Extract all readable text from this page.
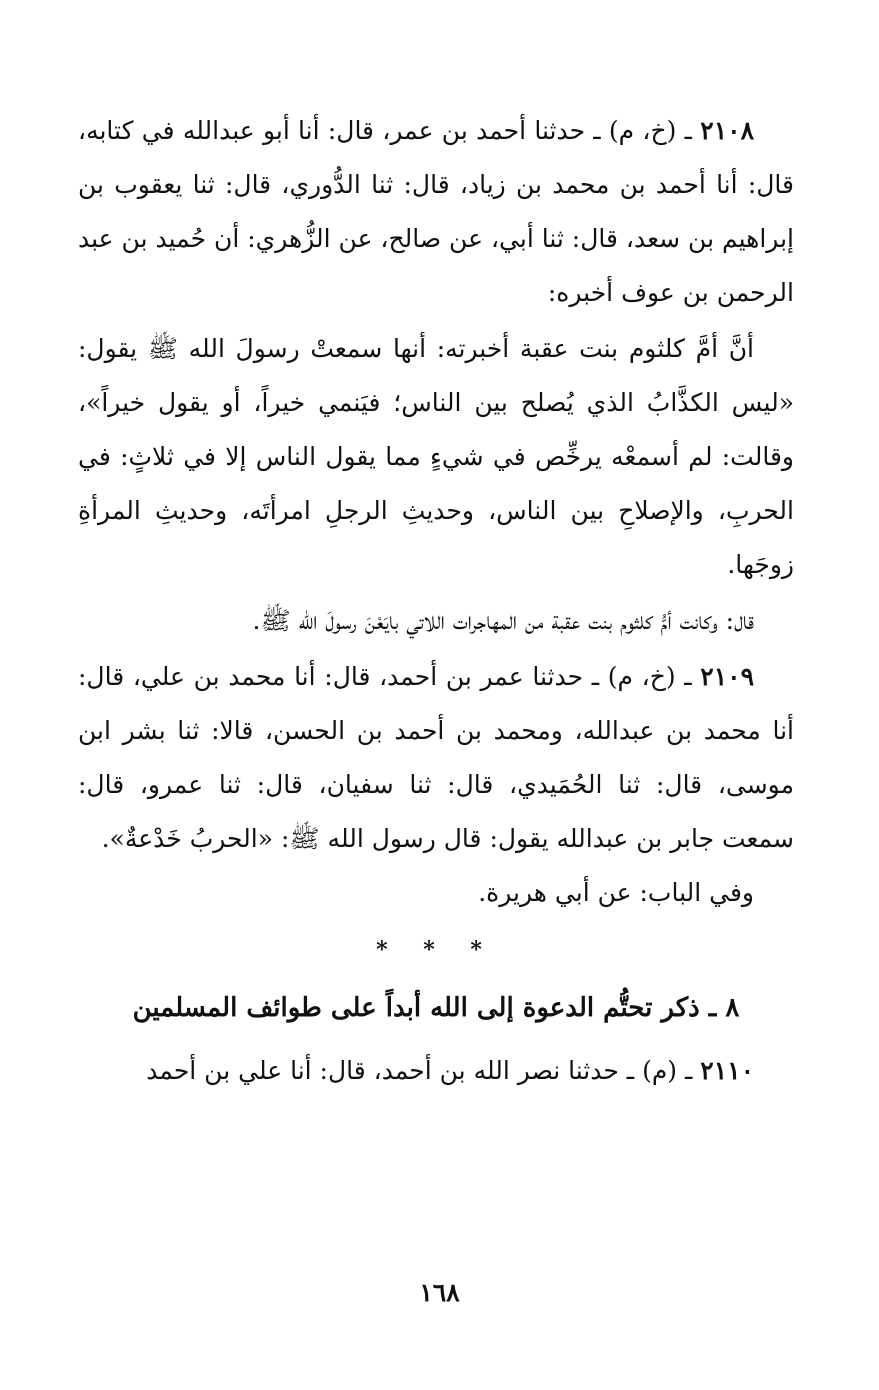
٢١٠٨ ـ (خ، م) ـ حدثنا أحمد بن عمر، قال: أنا أبو عبدالله في كتابه، قال: أنا أحمد بن محمد بن زياد، قال: ثنا الدُّوري، قال: ثنا يعقوب بن إبراهيم بن سعد، قال: ثنا أبي، عن صالح، عن الزُّهري: أن حُميد بن عبد الرحمن بن عوف أخبره:

أنَّ أمَّ كلثوم بنت عقبة أخبرته: أنها سمعتْ رسولَ الله ﷺ يقول: «ليس الكذَّابُ الذي يُصلح بين الناس؛ فيَنمي خيراً، أو يقول خيراً»، وقالت: لم أسمعْه يرخِّص في شيءٍ مما يقول الناس إلا في ثلاثٍ: في الحربِ، والإصلاحِ بين الناس، وحديثِ الرجلِ امرأتَه، وحديثِ المرأةِ زوجَها.

قال: وكانت أمُّ كلثوم بنت عقبة من المهاجرات اللاتي بايَعْنَ رسولَ الله ﷺ.

٢١٠٩ ـ (خ، م) ـ حدثنا عمر بن أحمد، قال: أنا محمد بن علي، قال: أنا محمد بن عبدالله، ومحمد بن أحمد بن الحسن، قالا: ثنا بشر ابن موسى، قال: ثنا الحُمَيدي، قال: ثنا سفيان، قال: ثنا عمرو، قال: سمعت جابر بن عبدالله يقول: قال رسول الله ﷺ: «الحربُ خَدْعةٌ».

وفي الباب: عن أبي هريرة.

* * *

٨ ـ ذكر تحتُّم الدعوة إلى الله أبداً على طوائف المسلمين

٢١١٠ ـ (م) ـ حدثنا نصر الله بن أحمد، قال: أنا علي بن أحمد

١٦٨
